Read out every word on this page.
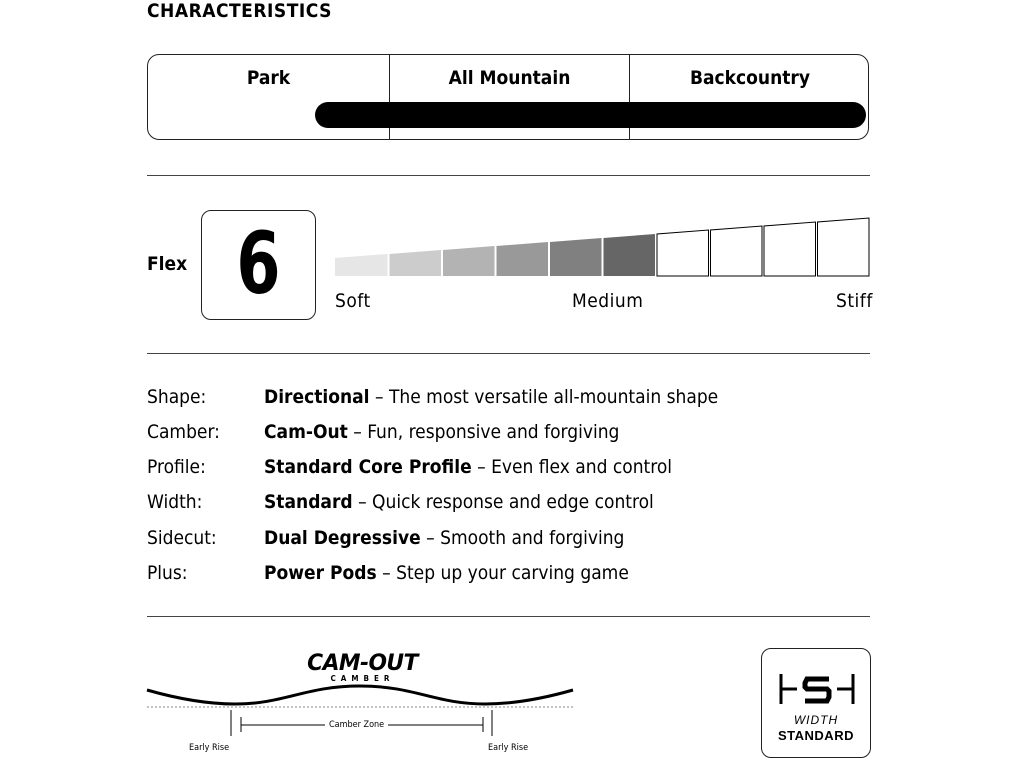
CHARACTERISTICS
Park	All Mountain	Backcountry
Flex 6	Soft	Medium	Stiff
Shape:	Directional – The most versatile all-mountain shape
Camber: Cam-Out – Fun, responsive and forgiving
Profile:	Standard Core Profile – Even flex and control
Width:	Standard – Quick response and edge control
Sidecut: Dual Degressive – Smooth and forgiving
Plus:	Power Pods – Step up your carving game
CAM-OUT
CAMBER
Camber Zone
Early Rise	Early Rise
WIDTH
STANDARD
